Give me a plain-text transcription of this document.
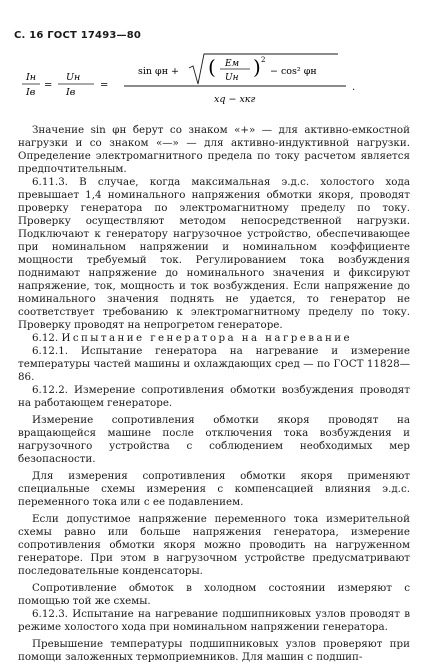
С. 16 ГОСТ 17493—80
Iн
Iв
=
Uн
Iв
=
sin φн + ( Eм
Uн ) 2
− cos² φн
xq − xкг
.

Значение sin φн берут со знаком «+» — для активно-емкостной нагрузки и со знаком «—» — для активно-индуктивной нагрузки. Определение электромагнитного предела по току расчетом является предпочтительным.

6.11.3. В случае, когда максимальная э.д.с. холостого хода превышает 1,4 номинального напряжения обмотки якоря, проводят проверку генератора по электромагнитному пределу по току. Проверку осуществляют методом непосредственной нагрузки. Подключают к генератору нагрузочное устройство, обеспечивающее при номинальном напряжении и номинальном коэффициенте мощности требуемый ток. Регулированием тока возбуждения поднимают напряжение до номинального значения и фиксируют напряжение, ток, мощность и ток возбуждения. Если напряжение до номинального значения поднять не удается, то генератор не соответствует требованию к электромагнитному пределу по току. Проверку проводят на непрогретом генераторе.

6.12. Испытание генератора на нагревание

6.12.1. Испытание генератора на нагревание и измерение температуры частей машины и охлаждающих сред — по ГОСТ 11828—86.

6.12.2. Измерение сопротивления обмотки возбуждения проводят на работающем генераторе.

Измерение сопротивления обмотки якоря проводят на вращающейся машине после отключения тока возбуждения и нагрузочного устройства с соблюдением необходимых мер безопасности.

Для измерения сопротивления обмотки якоря применяют специальные схемы измерения с компенсацией влияния э.д.с. переменного тока или с ее подавлением.

Если допустимое напряжение переменного тока измерительной схемы равно или больше напряжения генератора, измерение сопротивления обмотки якоря можно проводить на нагруженном генераторе. При этом в нагрузочном устройстве предусматривают последовательные конденсаторы.

Сопротивление обмоток в холодном состоянии измеряют с помощью той же схемы.

6.12.3. Испытание на нагревание подшипниковых узлов проводят в режиме холостого хода при номинальном напряжении генератора.

Превышение температуры подшипниковых узлов проверяют при помощи заложенных термоприемников. Для машин с подшип-
